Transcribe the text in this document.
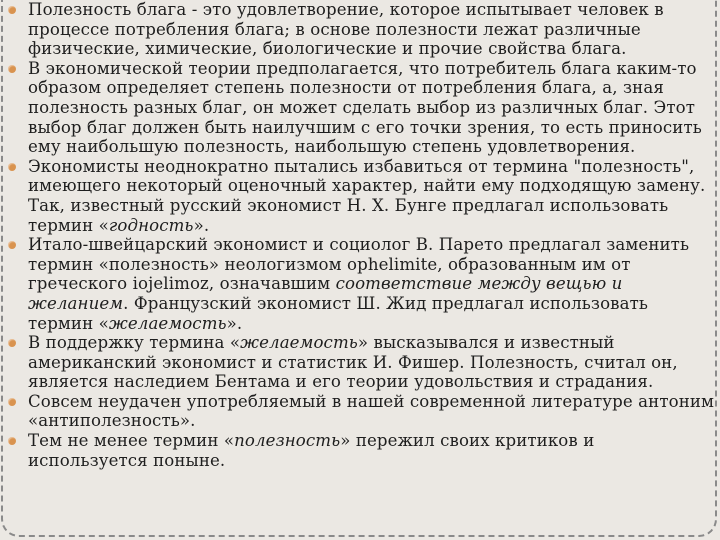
Полезность блага - это удовлетворение, которое испытывает человек в процессе потребления блага; в основе полезности лежат различные физические, химические, биологические и прочие свойства блага.
В экономической теории предполагается, что потребитель блага каким-то образом определяет степень полезности от потребления блага, а, зная полезность разных благ, он может сделать выбор из различных благ. Этот выбор благ должен быть наилучшим с его точки зрения, то есть приносить ему наибольшую полезность, наибольшую степень удовлетворения.
Экономисты неоднократно пытались избавиться от термина "полезность", имеющего некоторый оценочный характер, найти ему подходящую замену. Так, известный русский экономист Н. Х. Бунге предлагал использовать термин «годность».
Итало-швейцарский экономист и социолог В. Парето предлагал заменить термин «полезность» неологизмом ophelimite, образованным им от греческого iojelimoz, означавшим соответствие между вещью и желанием. Французский экономист Ш. Жид предлагал использовать термин «желаемость».
В поддержку термина «желаемость» высказывался и известный американский экономист и статистик И. Фишер. Полезность, считал он, является наследием Бентама и его теории удовольствия и страдания.
Совсем неудачен употребляемый в нашей современной литературе антоним «антиполезность».
Тем не менее термин «полезность» пережил своих критиков и используется поныне.
